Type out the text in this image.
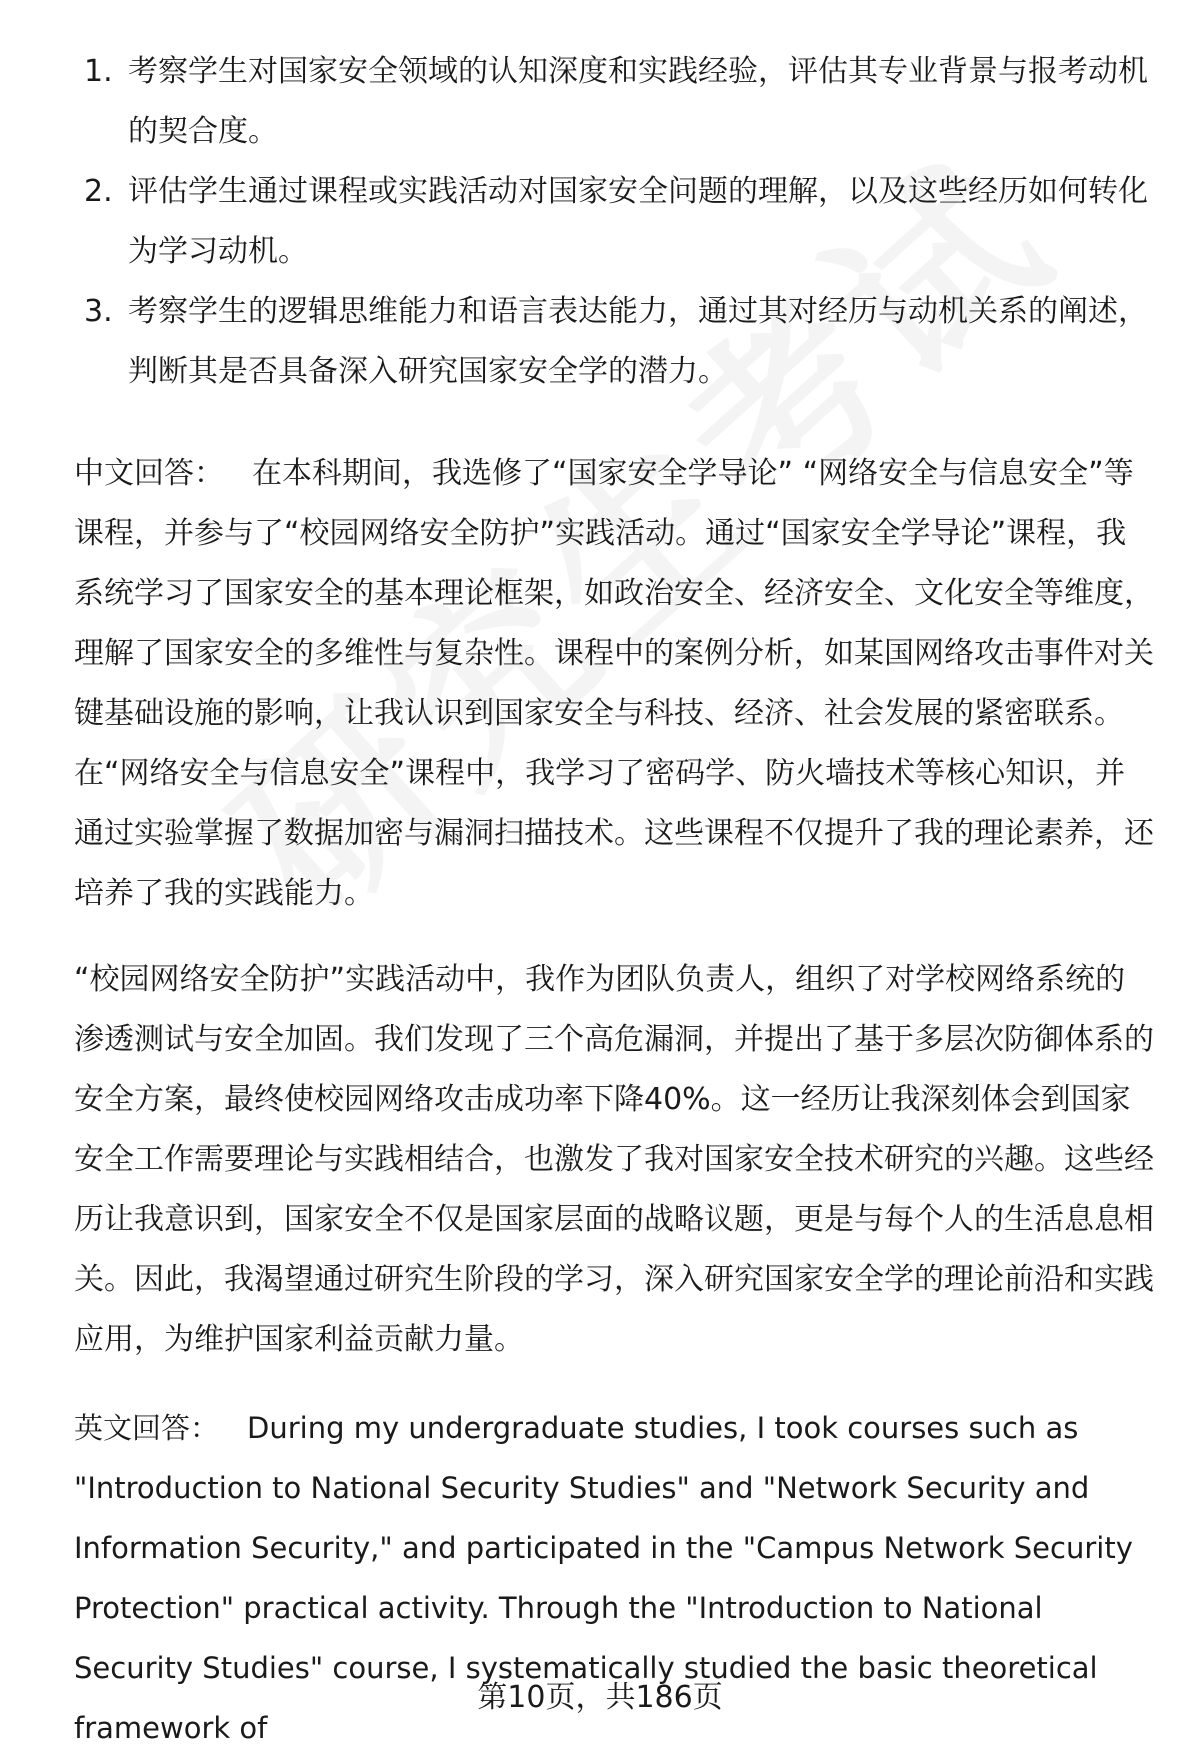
1. 考察学生对国家安全领域的认知深度和实践经验，评估其专业背景与报考动机的契合度。
2. 评估学生通过课程或实践活动对国家安全问题的理解，以及这些经历如何转化为学习动机。
3. 考察学生的逻辑思维能力和语言表达能力，通过其对经历与动机关系的阐述，判断其是否具备深入研究国家安全学的潜力。

中文回答： 在本科期间，我选修了“国家安全学导论” “网络安全与信息安全”等课程，并参与了“校园网络安全防护”实践活动。通过“国家安全学导论”课程，我系统学习了国家安全的基本理论框架，如政治安全、经济安全、文化安全等维度，理解了国家安全的多维性与复杂性。课程中的案例分析，如某国网络攻击事件对关键基础设施的影响，让我认识到国家安全与科技、经济、社会发展的紧密联系。在“网络安全与信息安全”课程中，我学习了密码学、防火墙技术等核心知识，并通过实验掌握了数据加密与漏洞扫描技术。这些课程不仅提升了我的理论素养，还培养了我的实践能力。

“校园网络安全防护”实践活动中，我作为团队负责人，组织了对学校网络系统的渗透测试与安全加固。我们发现了三个高危漏洞，并提出了基于多层次防御体系的安全方案，最终使校园网络攻击成功率下降40%。这一经历让我深刻体会到国家安全工作需要理论与实践相结合，也激发了我对国家安全技术研究的兴趣。这些经历让我意识到，国家安全不仅是国家层面的战略议题，更是与每个人的生活息息相关。因此，我渴望通过研究生阶段的学习，深入研究国家安全学的理论前沿和实践应用，为维护国家利益贡献力量。

英文回答： During my undergraduate studies, I took courses such as "Introduction to National Security Studies" and "Network Security and Information Security," and participated in the "Campus Network Security Protection" practical activity. Through the "Introduction to National Security Studies" course, I systematically studied the basic theoretical framework of

第10页，共186页
